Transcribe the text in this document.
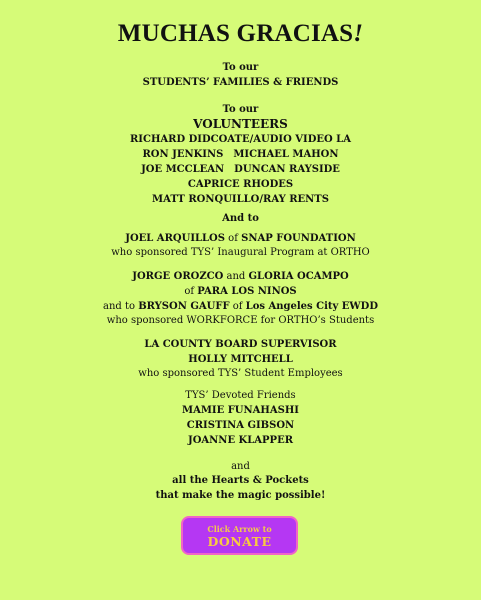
MUCHAS GRACIAS!
To our
STUDENTS’ FAMILIES & FRIENDS
To our
VOLUNTEERS
RICHARD DIDCOATE/AUDIO VIDEO LA
RON JENKINS MICHAEL MAHON
JOE MCCLEAN DUNCAN RAYSIDE
CAPRICE RHODES
MATT RONQUILLO/RAY RENTS
And to
JOEL ARQUILLOS of SNAP FOUNDATION
who sponsored TYS’ Inaugural Program at ORTHO
JORGE OROZCO and GLORIA OCAMPO
of PARA LOS NINOS
and to BRYSON GAUFF of Los Angeles City EWDD
who sponsored WORKFORCE for ORTHO’s Students
LA COUNTY BOARD SUPERVISOR
HOLLY MITCHELL
who sponsored TYS’ Student Employees
TYS’ Devoted Friends
MAMIE FUNAHASHI
CRISTINA GIBSON
JOANNE KLAPPER
and
all the Hearts & Pockets
that make the magic possible!
Click Arrow to
DONATE
